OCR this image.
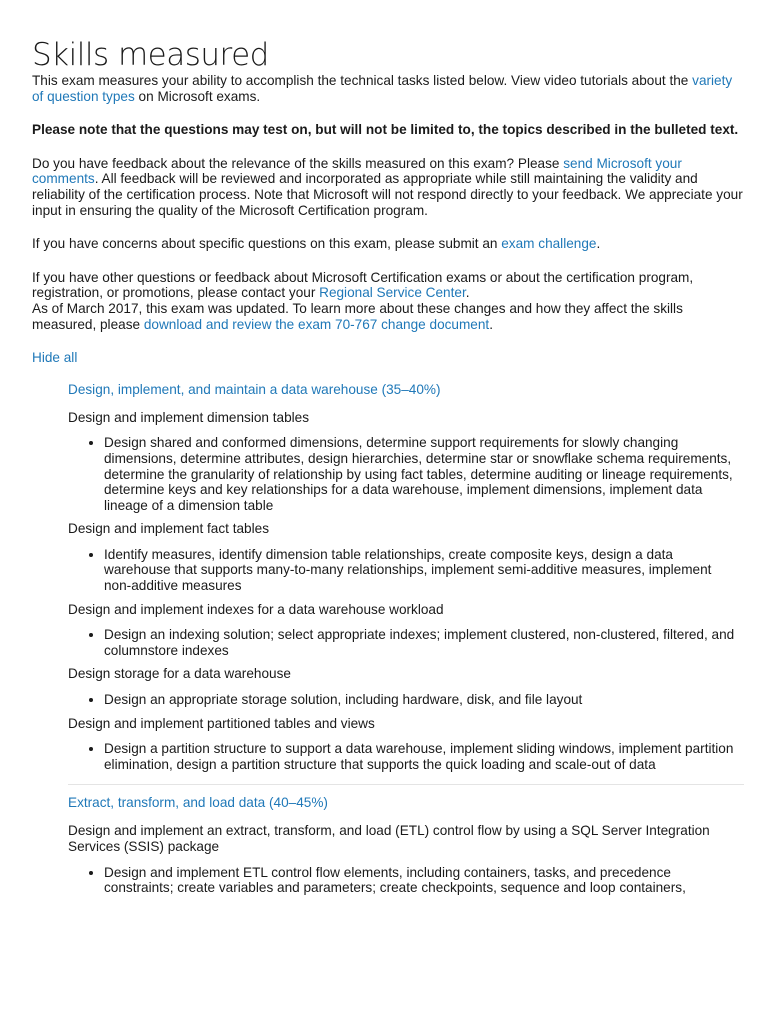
Skills measured

This exam measures your ability to accomplish the technical tasks listed below. View video tutorials about the variety of question types on Microsoft exams.

Please note that the questions may test on, but will not be limited to, the topics described in the bulleted text.

Do you have feedback about the relevance of the skills measured on this exam? Please send Microsoft your comments. All feedback will be reviewed and incorporated as appropriate while still maintaining the validity and reliability of the certification process. Note that Microsoft will not respond directly to your feedback. We appreciate your input in ensuring the quality of the Microsoft Certification program.

If you have concerns about specific questions on this exam, please submit an exam challenge.

If you have other questions or feedback about Microsoft Certification exams or about the certification program, registration, or promotions, please contact your Regional Service Center.

As of March 2017, this exam was updated. To learn more about these changes and how they affect the skills measured, please download and review the exam 70-767 change document.

Hide all
Design, implement, and maintain a data warehouse (35–40%)
Design and implement dimension tables
• Design shared and conformed dimensions, determine support requirements for slowly changing dimensions, determine attributes, design hierarchies, determine star or snowflake schema requirements, determine the granularity of relationship by using fact tables, determine auditing or lineage requirements, determine keys and key relationships for a data warehouse, implement dimensions, implement data lineage of a dimension table
Design and implement fact tables
• Identify measures, identify dimension table relationships, create composite keys, design a data warehouse that supports many-to-many relationships, implement semi-additive measures, implement non-additive measures
Design and implement indexes for a data warehouse workload
• Design an indexing solution; select appropriate indexes; implement clustered, non-clustered, filtered, and columnstore indexes
Design storage for a data warehouse
• Design an appropriate storage solution, including hardware, disk, and file layout
Design and implement partitioned tables and views
• Design a partition structure to support a data warehouse, implement sliding windows, implement partition elimination, design a partition structure that supports the quick loading and scale-out of data
Extract, transform, and load data (40–45%)
Design and implement an extract, transform, and load (ETL) control flow by using a SQL Server Integration Services (SSIS) package
• Design and implement ETL control flow elements, including containers, tasks, and precedence constraints; create variables and parameters; create checkpoints, sequence and loop containers,
